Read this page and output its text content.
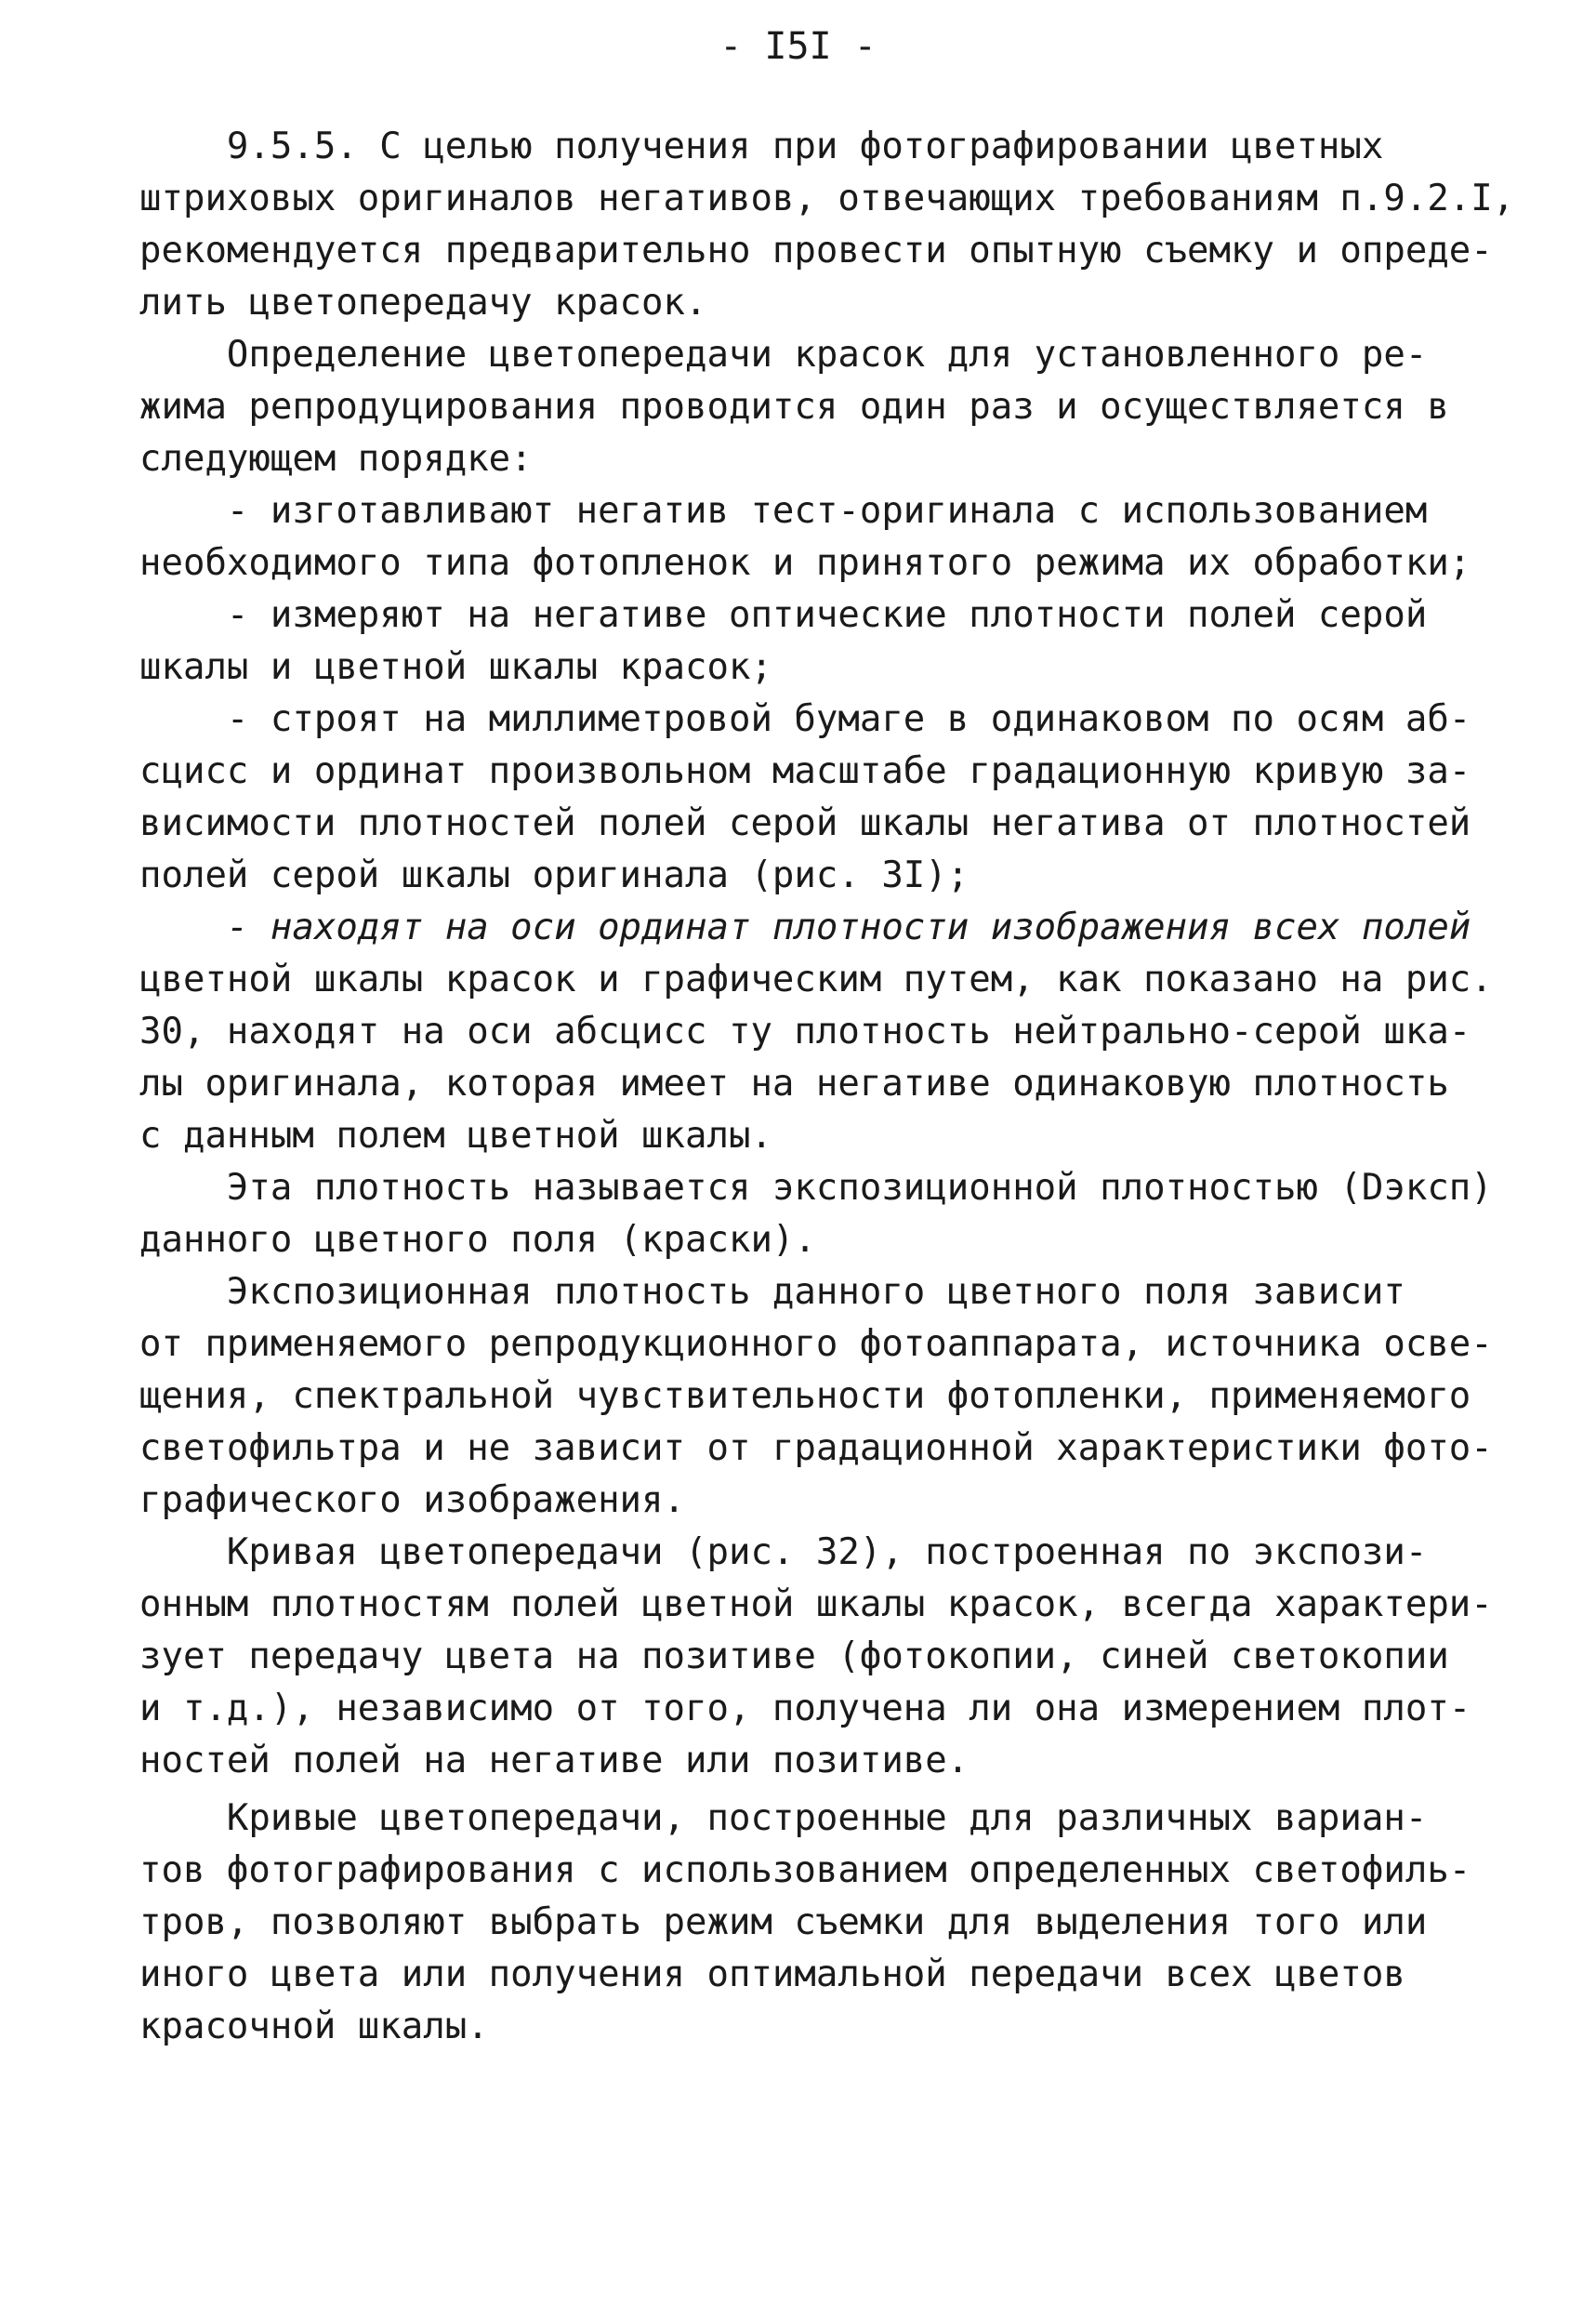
- I5I -

9.5.5. С целью получения при фотографировании цветных
штриховых оригиналов негативов, отвечающих требованиям п.9.2.I,
рекомендуется предварительно провести опытную съемку и опреде-
лить цветопередачу красок.

Определение цветопередачи красок для установленного ре-
жима репродуцирования проводится один раз и осуществляется в
следующем порядке:

- изготавливают негатив тест-оригинала с использованием
необходимого типа фотопленок и принятого режима их обработки;

- измеряют на негативе оптические плотности полей серой
шкалы и цветной шкалы красок;

- строят на миллиметровой бумаге в одинаковом по осям аб-
сцисс и ординат произвольном масштабе градационную кривую за-
висимости плотностей полей серой шкалы негатива от плотностей
полей серой шкалы оригинала (рис. 3I);

- находят на оси ординат плотности изображения всех полей
цветной шкалы красок и графическим путем, как показано на рис.
30, находят на оси абсцисс ту плотность нейтрально-серой шка-
лы оригинала, которая имеет на негативе одинаковую плотность
с данным полем цветной шкалы.

Эта плотность называется экспозиционной плотностью (Dэксп)
данного цветного поля (краски).

Экспозиционная плотность данного цветного поля зависит
от применяемого репродукционного фотоаппарата, источника осве-
щения, спектральной чувствительности фотопленки, применяемого
светофильтра и не зависит от градационной характеристики фото-
графического изображения.

Кривая цветопередачи (рис. 32), построенная по экспози-
онным плотностям полей цветной шкалы красок, всегда характери-
зует передачу цвета на позитиве (фотокопии, синей светокопии
и т.д.), независимо от того, получена ли она измерением плот-
ностей полей на негативе или позитиве.

Кривые цветопередачи, построенные для различных вариан-
тов фотографирования с использованием определенных светофиль-
тров, позволяют выбрать режим съемки для выделения того или
иного цвета или получения оптимальной передачи всех цветов
красочной шкалы.
